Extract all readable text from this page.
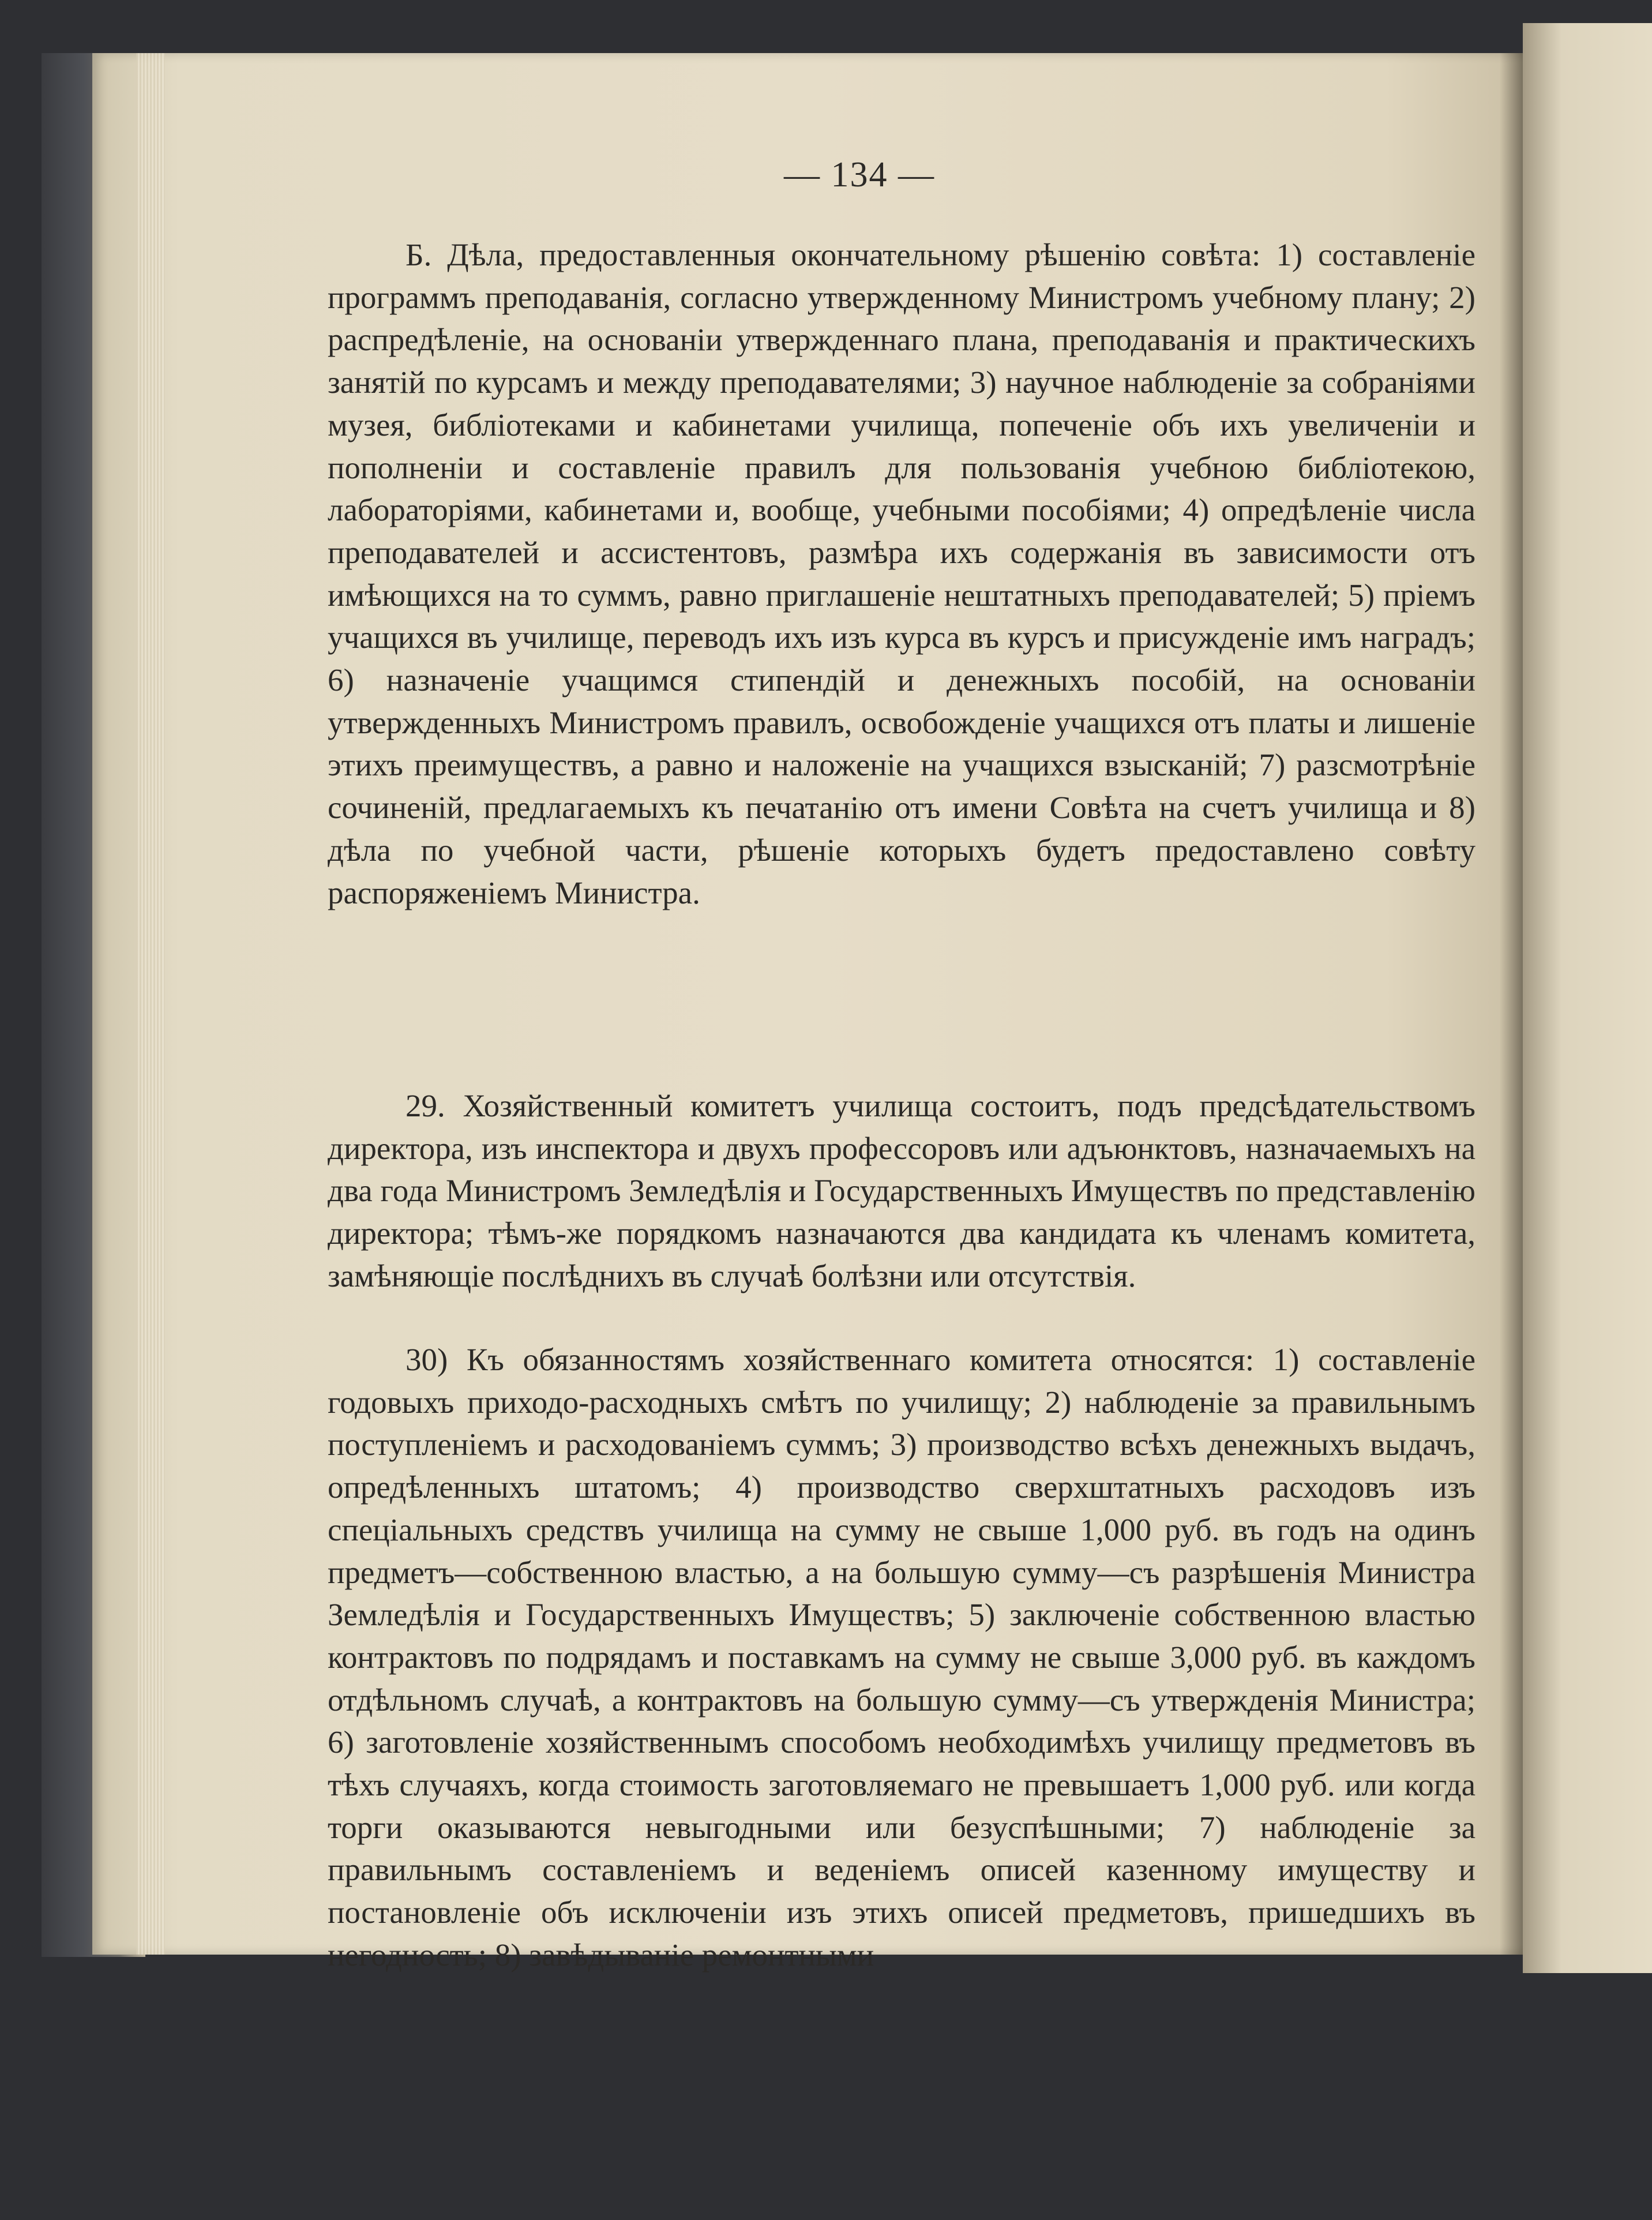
— 134 —

Б. Дѣла, предоставленныя окончательному рѣшенію совѣта: 1) составленіе программъ преподаванія, согласно утвержденному Министромъ учебному плану; 2) распредѣленіе, на основаніи утвержденнаго плана, преподаванія и практическихъ занятій по курсамъ и между преподавателями; 3) научное наблюденіе за собраніями музея, библіотеками и кабинетами училища, попеченіе объ ихъ увеличеніи и пополненіи и составленіе правилъ для пользованія учебною библіотекою, лабораторіями, кабинетами и, вообще, учебными пособіями; 4) опредѣленіе числа преподавателей и ассистентовъ, размѣра ихъ содержанія въ зависимости отъ имѣющихся на то суммъ, равно приглашеніе нештатныхъ преподавателей; 5) пріемъ учащихся въ училище, переводъ ихъ изъ курса въ курсъ и присужденіе имъ наградъ; 6) назначеніе учащимся стипендій и денежныхъ пособій, на основаніи утвержденныхъ Министромъ правилъ, освобожденіе учащихся отъ платы и лишеніе этихъ преимуществъ, а равно и наложеніе на учащихся взысканій; 7) разсмотрѣніе сочиненій, предлагаемыхъ къ печатанію отъ имени Совѣта на счетъ училища и 8) дѣла по учебной части, рѣшеніе которыхъ будетъ предоставлено совѣту распоряженіемъ Министра.

29. Хозяйственный комитетъ училища состоитъ, подъ предсѣдательствомъ директора, изъ инспектора и двухъ профессоровъ или адъюнктовъ, назначаемыхъ на два года Министромъ Земледѣлія и Государственныхъ Имуществъ по представленію директора; тѣмъ-же порядкомъ назначаются два кандидата къ членамъ комитета, замѣняющіе послѣднихъ въ случаѣ болѣзни или отсутствія.

30) Къ обязанностямъ хозяйственнаго комитета относятся: 1) составленіе годовыхъ приходо-расходныхъ смѣтъ по училищу; 2) наблюденіе за правильнымъ поступленіемъ и расходованіемъ суммъ; 3) производство всѣхъ денежныхъ выдачъ, опредѣленныхъ штатомъ; 4) производство сверхштатныхъ расходовъ изъ спеціальныхъ средствъ училища на сумму не свыше 1,000 руб. въ годъ на одинъ предметъ—собственною властью, а на большую сумму—съ разрѣшенія Министра Земледѣлія и Государственныхъ Имуществъ; 5) заключеніе собственною властью контрактовъ по подрядамъ и поставкамъ на сумму не свыше 3,000 руб. въ каждомъ отдѣльномъ случаѣ, а контрактовъ на большую сумму—съ утвержденія Министра; 6) заготовленіе хозяйственнымъ способомъ необходимѣхъ училищу предметовъ въ тѣхъ случаяхъ, когда стоимость заготовляемаго не превышаетъ 1,000 руб. или когда торги оказываются невыгодными или безуспѣшными; 7) наблюденіе за правильнымъ составленіемъ и веденіемъ описей казенному имуществу и постановленіе объ исключеніи изъ этихъ описей предметовъ, пришедшихъ въ негодность; 8) завѣдываніе ремонтными
